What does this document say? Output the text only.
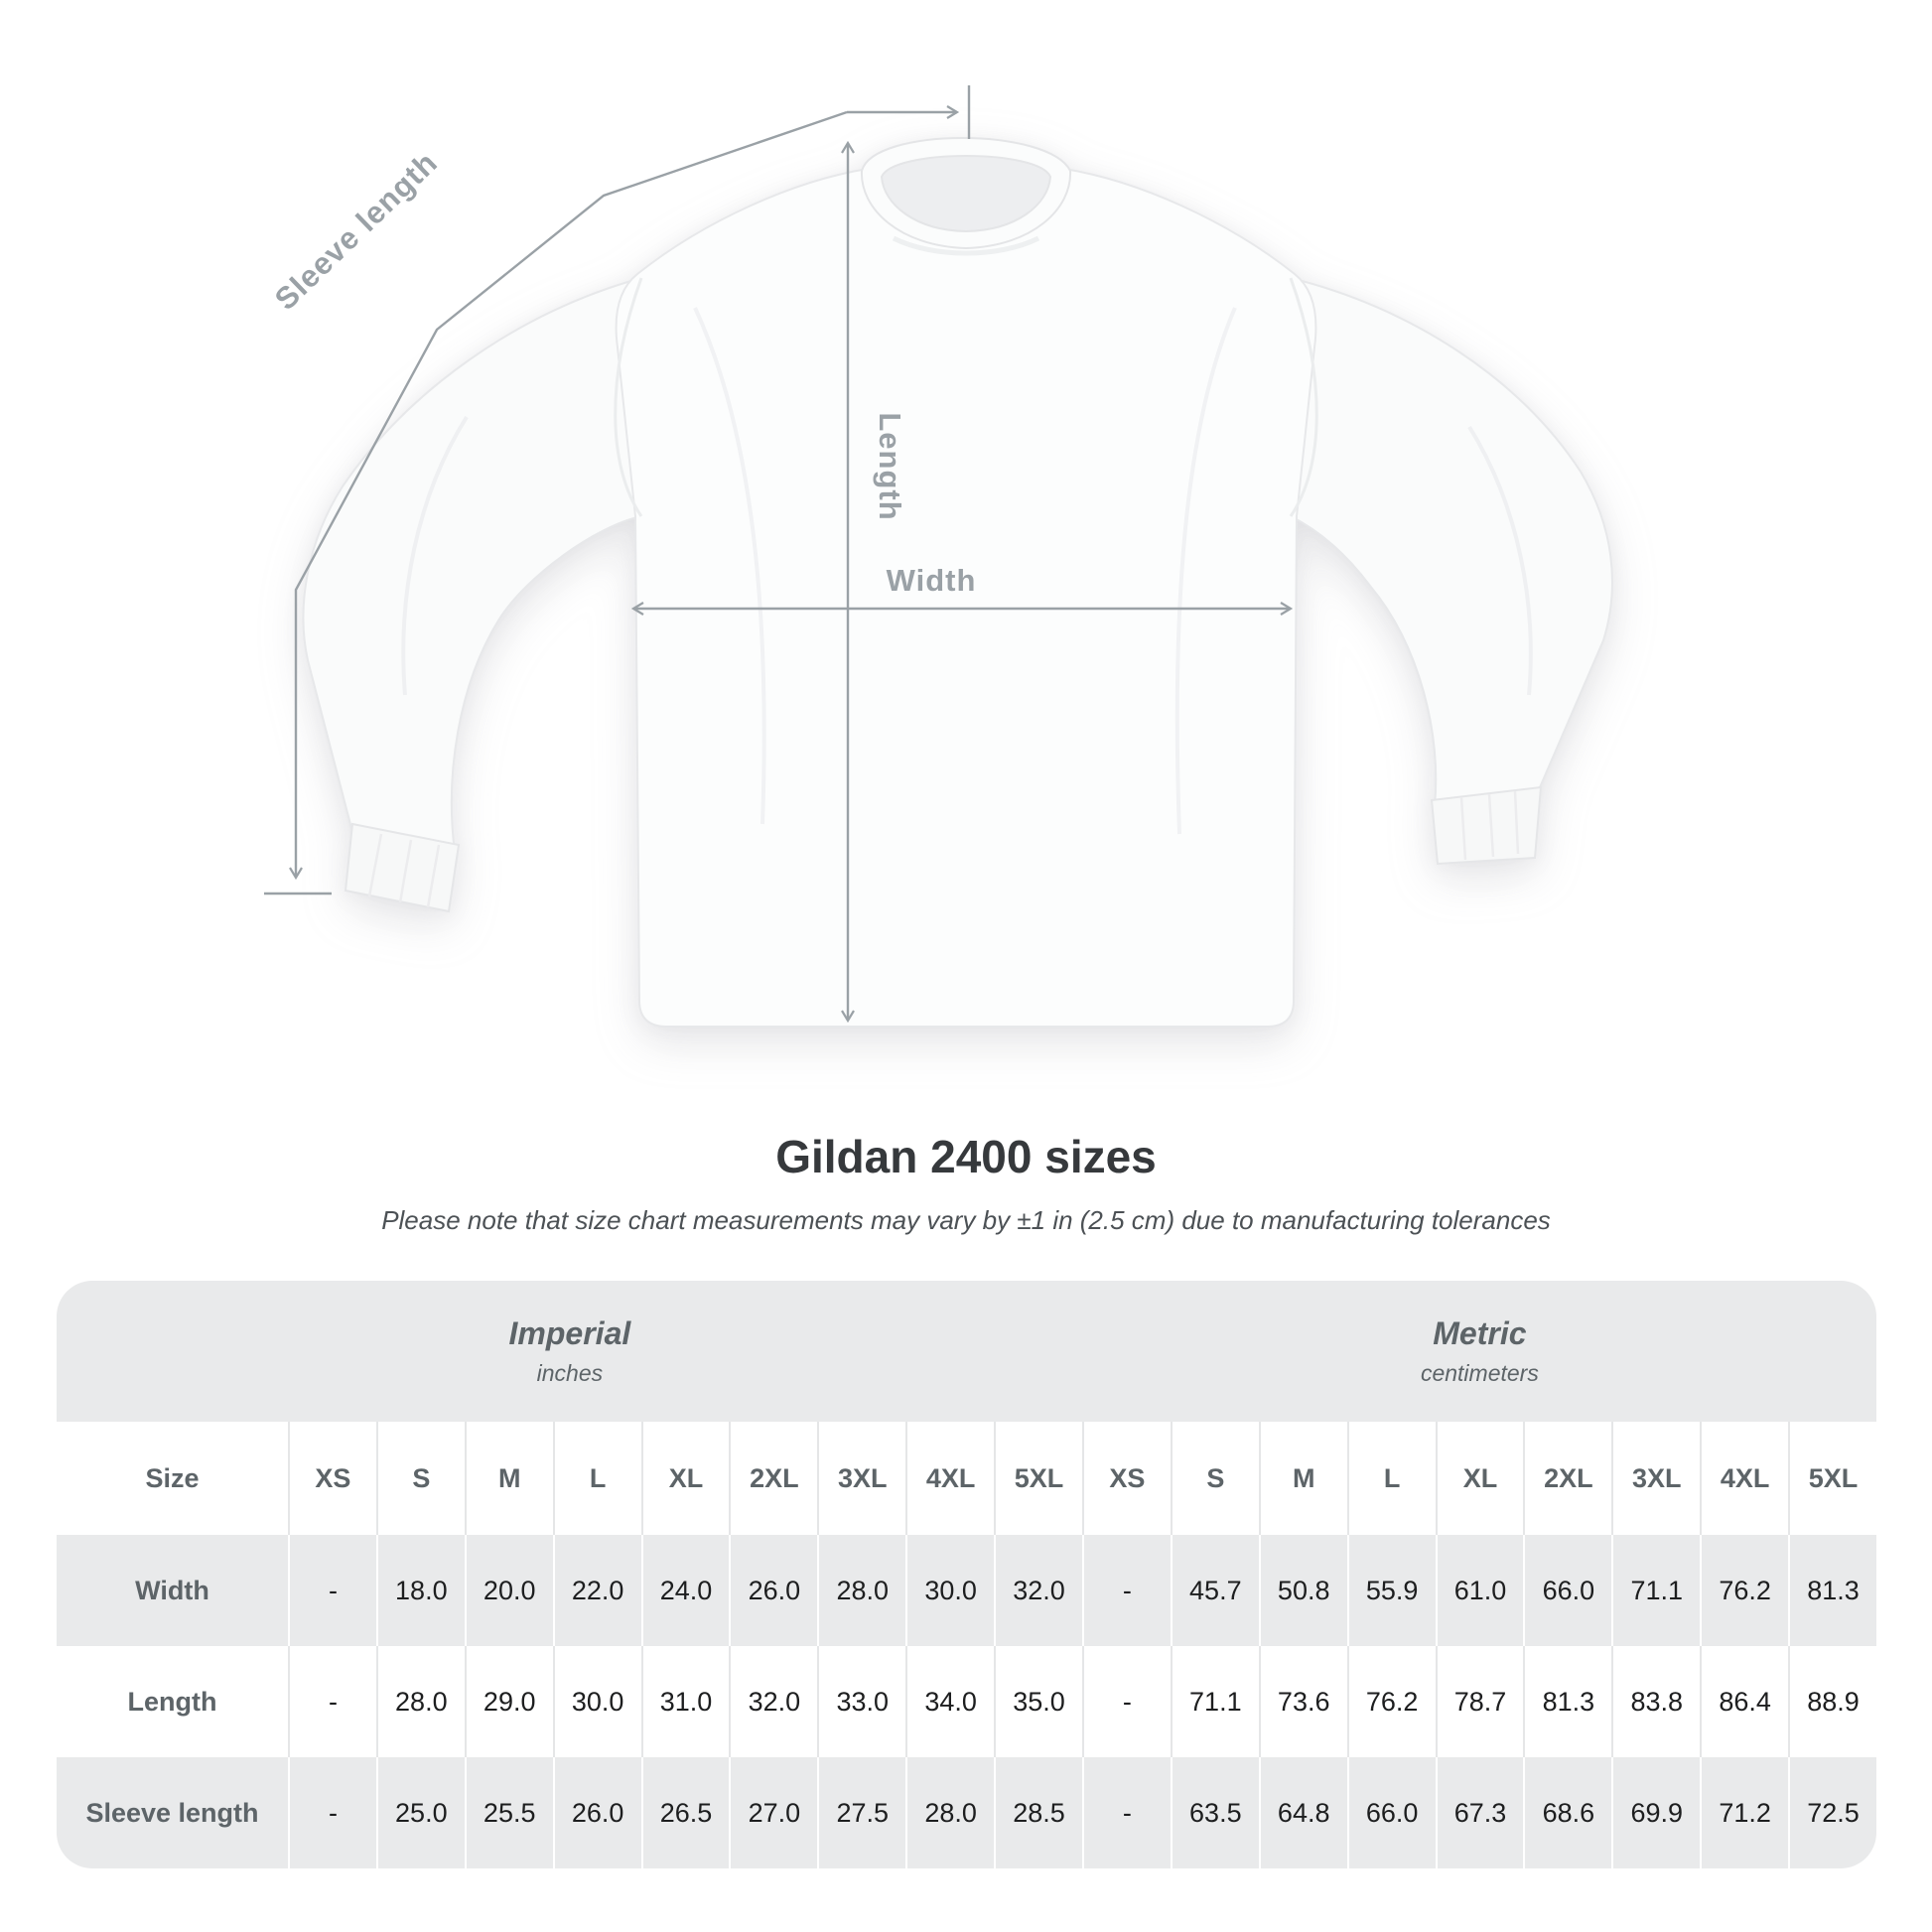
Sleeve length
Length
Width
Gildan 2400 sizes
Please note that size chart measurements may vary by ±1 in (2.5 cm) due to manufacturing tolerances
Imperial
inches
Metric
centimeters
Size	XS	S	M	L	XL	2XL	3XL	4XL	5XL	XS	S	M	L	XL	2XL	3XL	4XL	5XL
Width	-	18.0	20.0	22.0	24.0	26.0	28.0	30.0	32.0	-	45.7	50.8	55.9	61.0	66.0	71.1	76.2	81.3
Length	-	28.0	29.0	30.0	31.0	32.0	33.0	34.0	35.0	-	71.1	73.6	76.2	78.7	81.3	83.8	86.4	88.9
Sleeve length	-	25.0	25.5	26.0	26.5	27.0	27.5	28.0	28.5	-	63.5	64.8	66.0	67.3	68.6	69.9	71.2	72.5
